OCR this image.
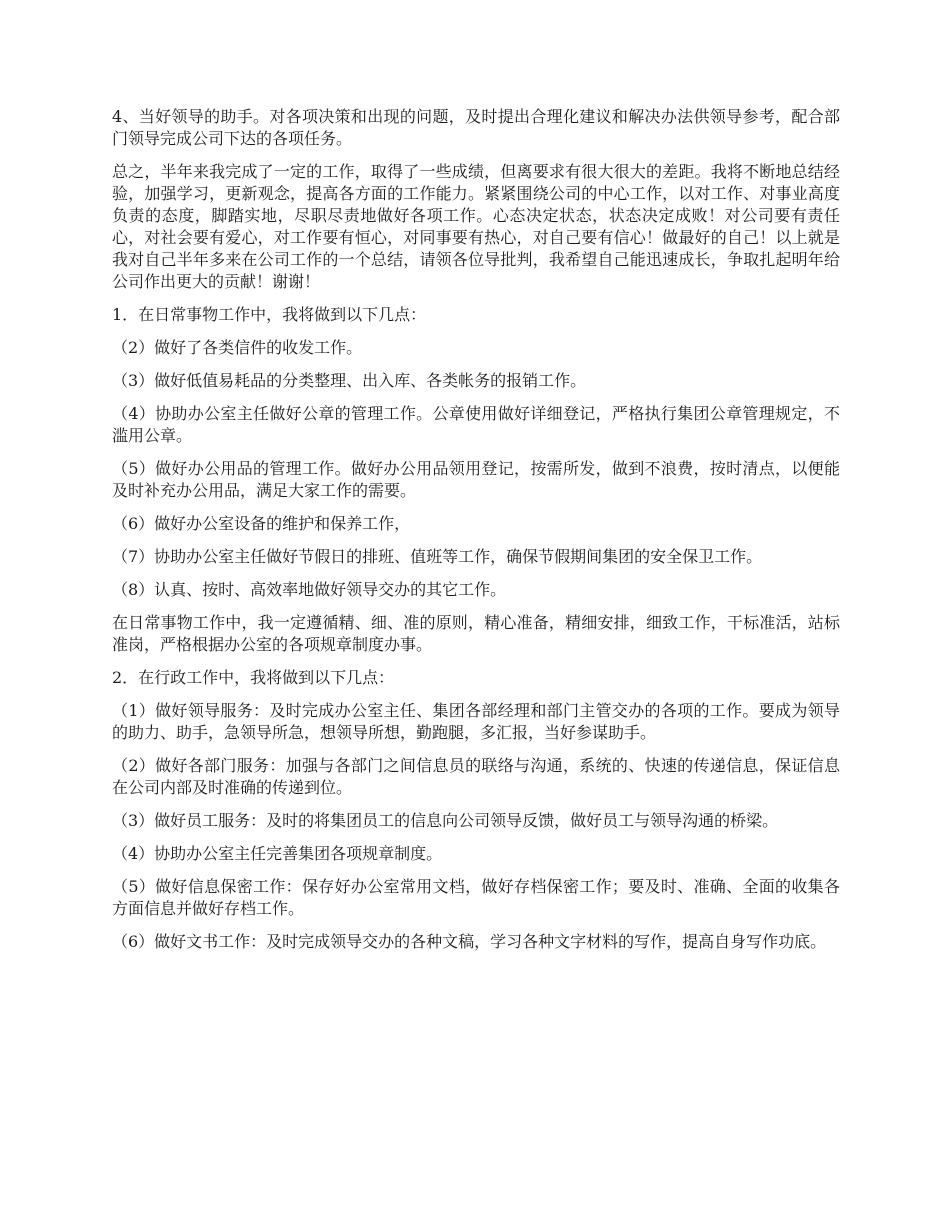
4、当好领导的助手。对各项决策和出现的问题，及时提出合理化建议和解决办法供领导参考，配合部门领导完成公司下达的各项任务。

总之，半年来我完成了一定的工作，取得了一些成绩，但离要求有很大很大的差距。我将不断地总结经验，加强学习，更新观念，提高各方面的工作能力。紧紧围绕公司的中心工作，以对工作、对事业高度负责的态度，脚踏实地，尽职尽责地做好各项工作。心态决定状态，状态决定成败！对公司要有责任心，对社会要有爱心，对工作要有恒心，对同事要有热心，对自己要有信心！做最好的自己！以上就是我对自己半年多来在公司工作的一个总结，请领各位导批判，我希望自己能迅速成长，争取扎起明年给公司作出更大的贡献！谢谢！

1．在日常事物工作中，我将做到以下几点：

（2）做好了各类信件的收发工作。

（3）做好低值易耗品的分类整理、出入库、各类帐务的报销工作。

（4）协助办公室主任做好公章的管理工作。公章使用做好详细登记，严格执行集团公章管理规定，不滥用公章。

（5）做好办公用品的管理工作。做好办公用品领用登记，按需所发，做到不浪费，按时清点，以便能及时补充办公用品，满足大家工作的需要。

（6）做好办公室设备的维护和保养工作，

（7）协助办公室主任做好节假日的排班、值班等工作，确保节假期间集团的安全保卫工作。

（8）认真、按时、高效率地做好领导交办的其它工作。

在日常事物工作中，我一定遵循精、细、准的原则，精心准备，精细安排，细致工作，干标准活，站标准岗，严格根据办公室的各项规章制度办事。

2．在行政工作中，我将做到以下几点：

（1）做好领导服务：及时完成办公室主任、集团各部经理和部门主管交办的各项的工作。要成为领导的助力、助手，急领导所急，想领导所想，勤跑腿，多汇报，当好参谋助手。

（2）做好各部门服务：加强与各部门之间信息员的联络与沟通，系统的、快速的传递信息，保证信息在公司内部及时准确的传递到位。

（3）做好员工服务：及时的将集团员工的信息向公司领导反馈，做好员工与领导沟通的桥梁。

（4）协助办公室主任完善集团各项规章制度。

（5）做好信息保密工作：保存好办公室常用文档，做好存档保密工作；要及时、准确、全面的收集各方面信息并做好存档工作。

（6）做好文书工作：及时完成领导交办的各种文稿，学习各种文字材料的写作，提高自身写作功底。
